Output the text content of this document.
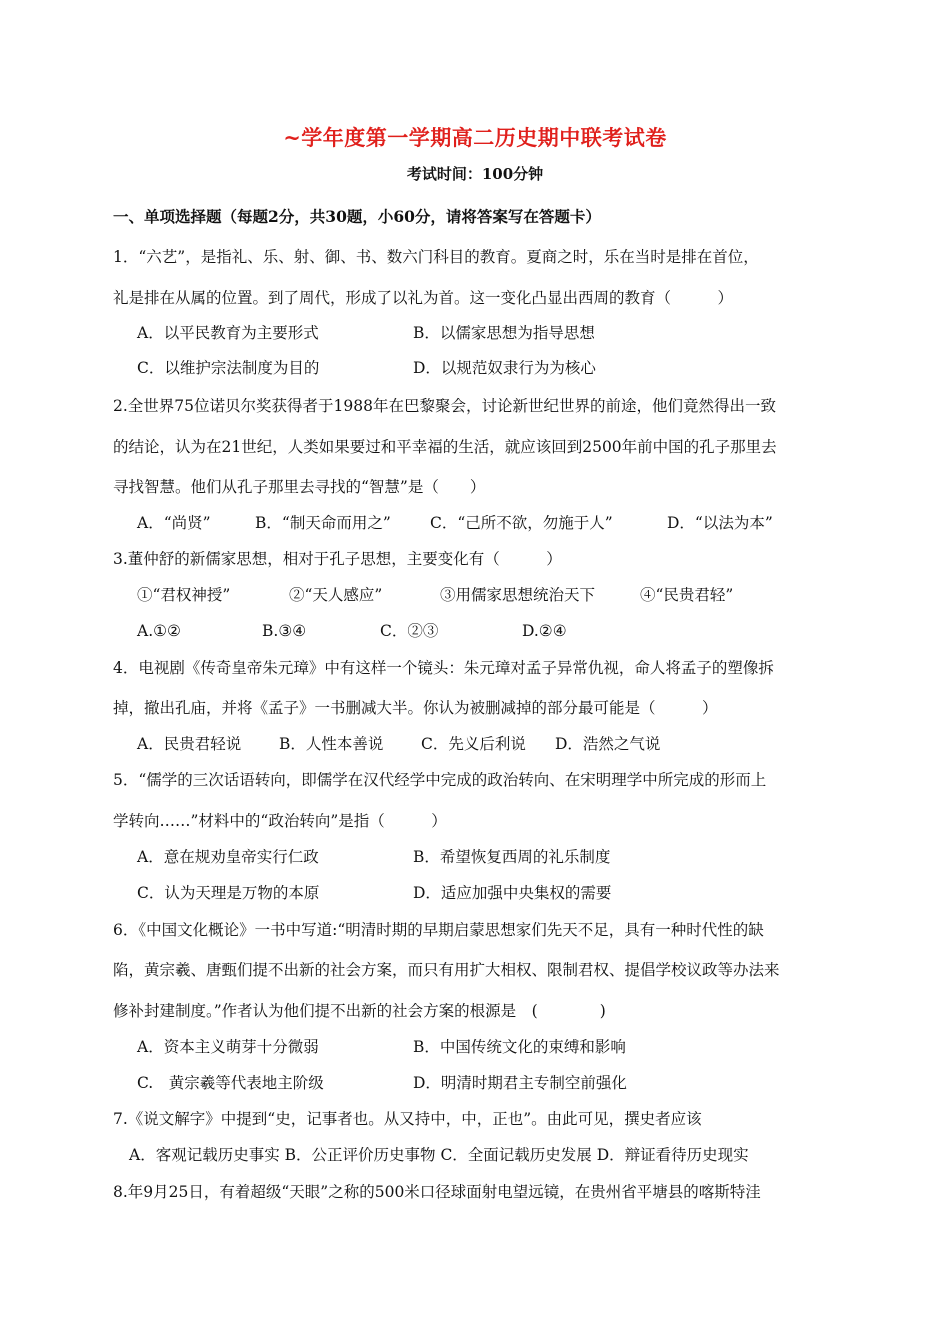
~学年度第一学期高二历史期中联考试卷
考试时间：100分钟
一、单项选择题（每题2分，共30题，小60分，请将答案写在答题卡）
1．“六艺”，是指礼、乐、射、御、书、数六门科目的教育。夏商之时，乐在当时是排在首位，
礼是排在从属的位置。到了周代，形成了以礼为首。这一变化凸显出西周的教育（　　　）
A．以平民教育为主要形式	B．以儒家思想为指导思想
C．以维护宗法制度为目的	D．以规范奴隶行为为核心
2.全世界75位诺贝尔奖获得者于1988年在巴黎聚会，讨论新世纪世界的前途，他们竟然得出一致
的结论，认为在21世纪，人类如果要过和平幸福的生活，就应该回到2500年前中国的孔子那里去
寻找智慧。他们从孔子那里去寻找的“智慧”是（　　）
A．“尚贤”	B．“制天命而用之”	C．“己所不欲，勿施于人”	D．“以法为本”
3.董仲舒的新儒家思想，相对于孔子思想，主要变化有（　　　）
①“君权神授”	②“天人感应”	③用儒家思想统治天下	④“民贵君轻”
A.①②	B.③④	C．②③	D.②④
4．电视剧《传奇皇帝朱元璋》中有这样一个镜头：朱元璋对孟子异常仇视，命人将孟子的塑像拆
掉，撤出孔庙，并将《孟子》一书删减大半。你认为被删减掉的部分最可能是（　　　）
A．民贵君轻说 B．人性本善说 C．先义后利说 D．浩然之气说
5．“儒学的三次话语转向，即儒学在汉代经学中完成的政治转向、在宋明理学中所完成的形而上
学转向……”材料中的“政治转向”是指（　　　）
A．意在规劝皇帝实行仁政	B．希望恢复西周的礼乐制度
C．认为天理是万物的本原	D．适应加强中央集权的需要
6．《中国文化概论》一书中写道:“明清时期的早期启蒙思想家们先天不足，具有一种时代性的缺
陷，黄宗羲、唐甄们提不出新的社会方案，而只有用扩大相权、限制君权、提倡学校议政等办法来
修补封建制度。”作者认为他们提不出新的社会方案的根源是　(　　　　)
A．资本主义萌芽十分微弱	B．中国传统文化的束缚和影响
C.　黄宗羲等代表地主阶级	D．明清时期君主专制空前强化
7.《说文解字》中提到“史，记事者也。从又持中，中，正也”。由此可见，撰史者应该
A．客观记载历史事实 B．公正评价历史事物 C．全面记载历史发展 D．辩证看待历史现实
8.年9月25日，有着超级“天眼”之称的500米口径球面射电望远镜，在贵州省平塘县的喀斯特洼
